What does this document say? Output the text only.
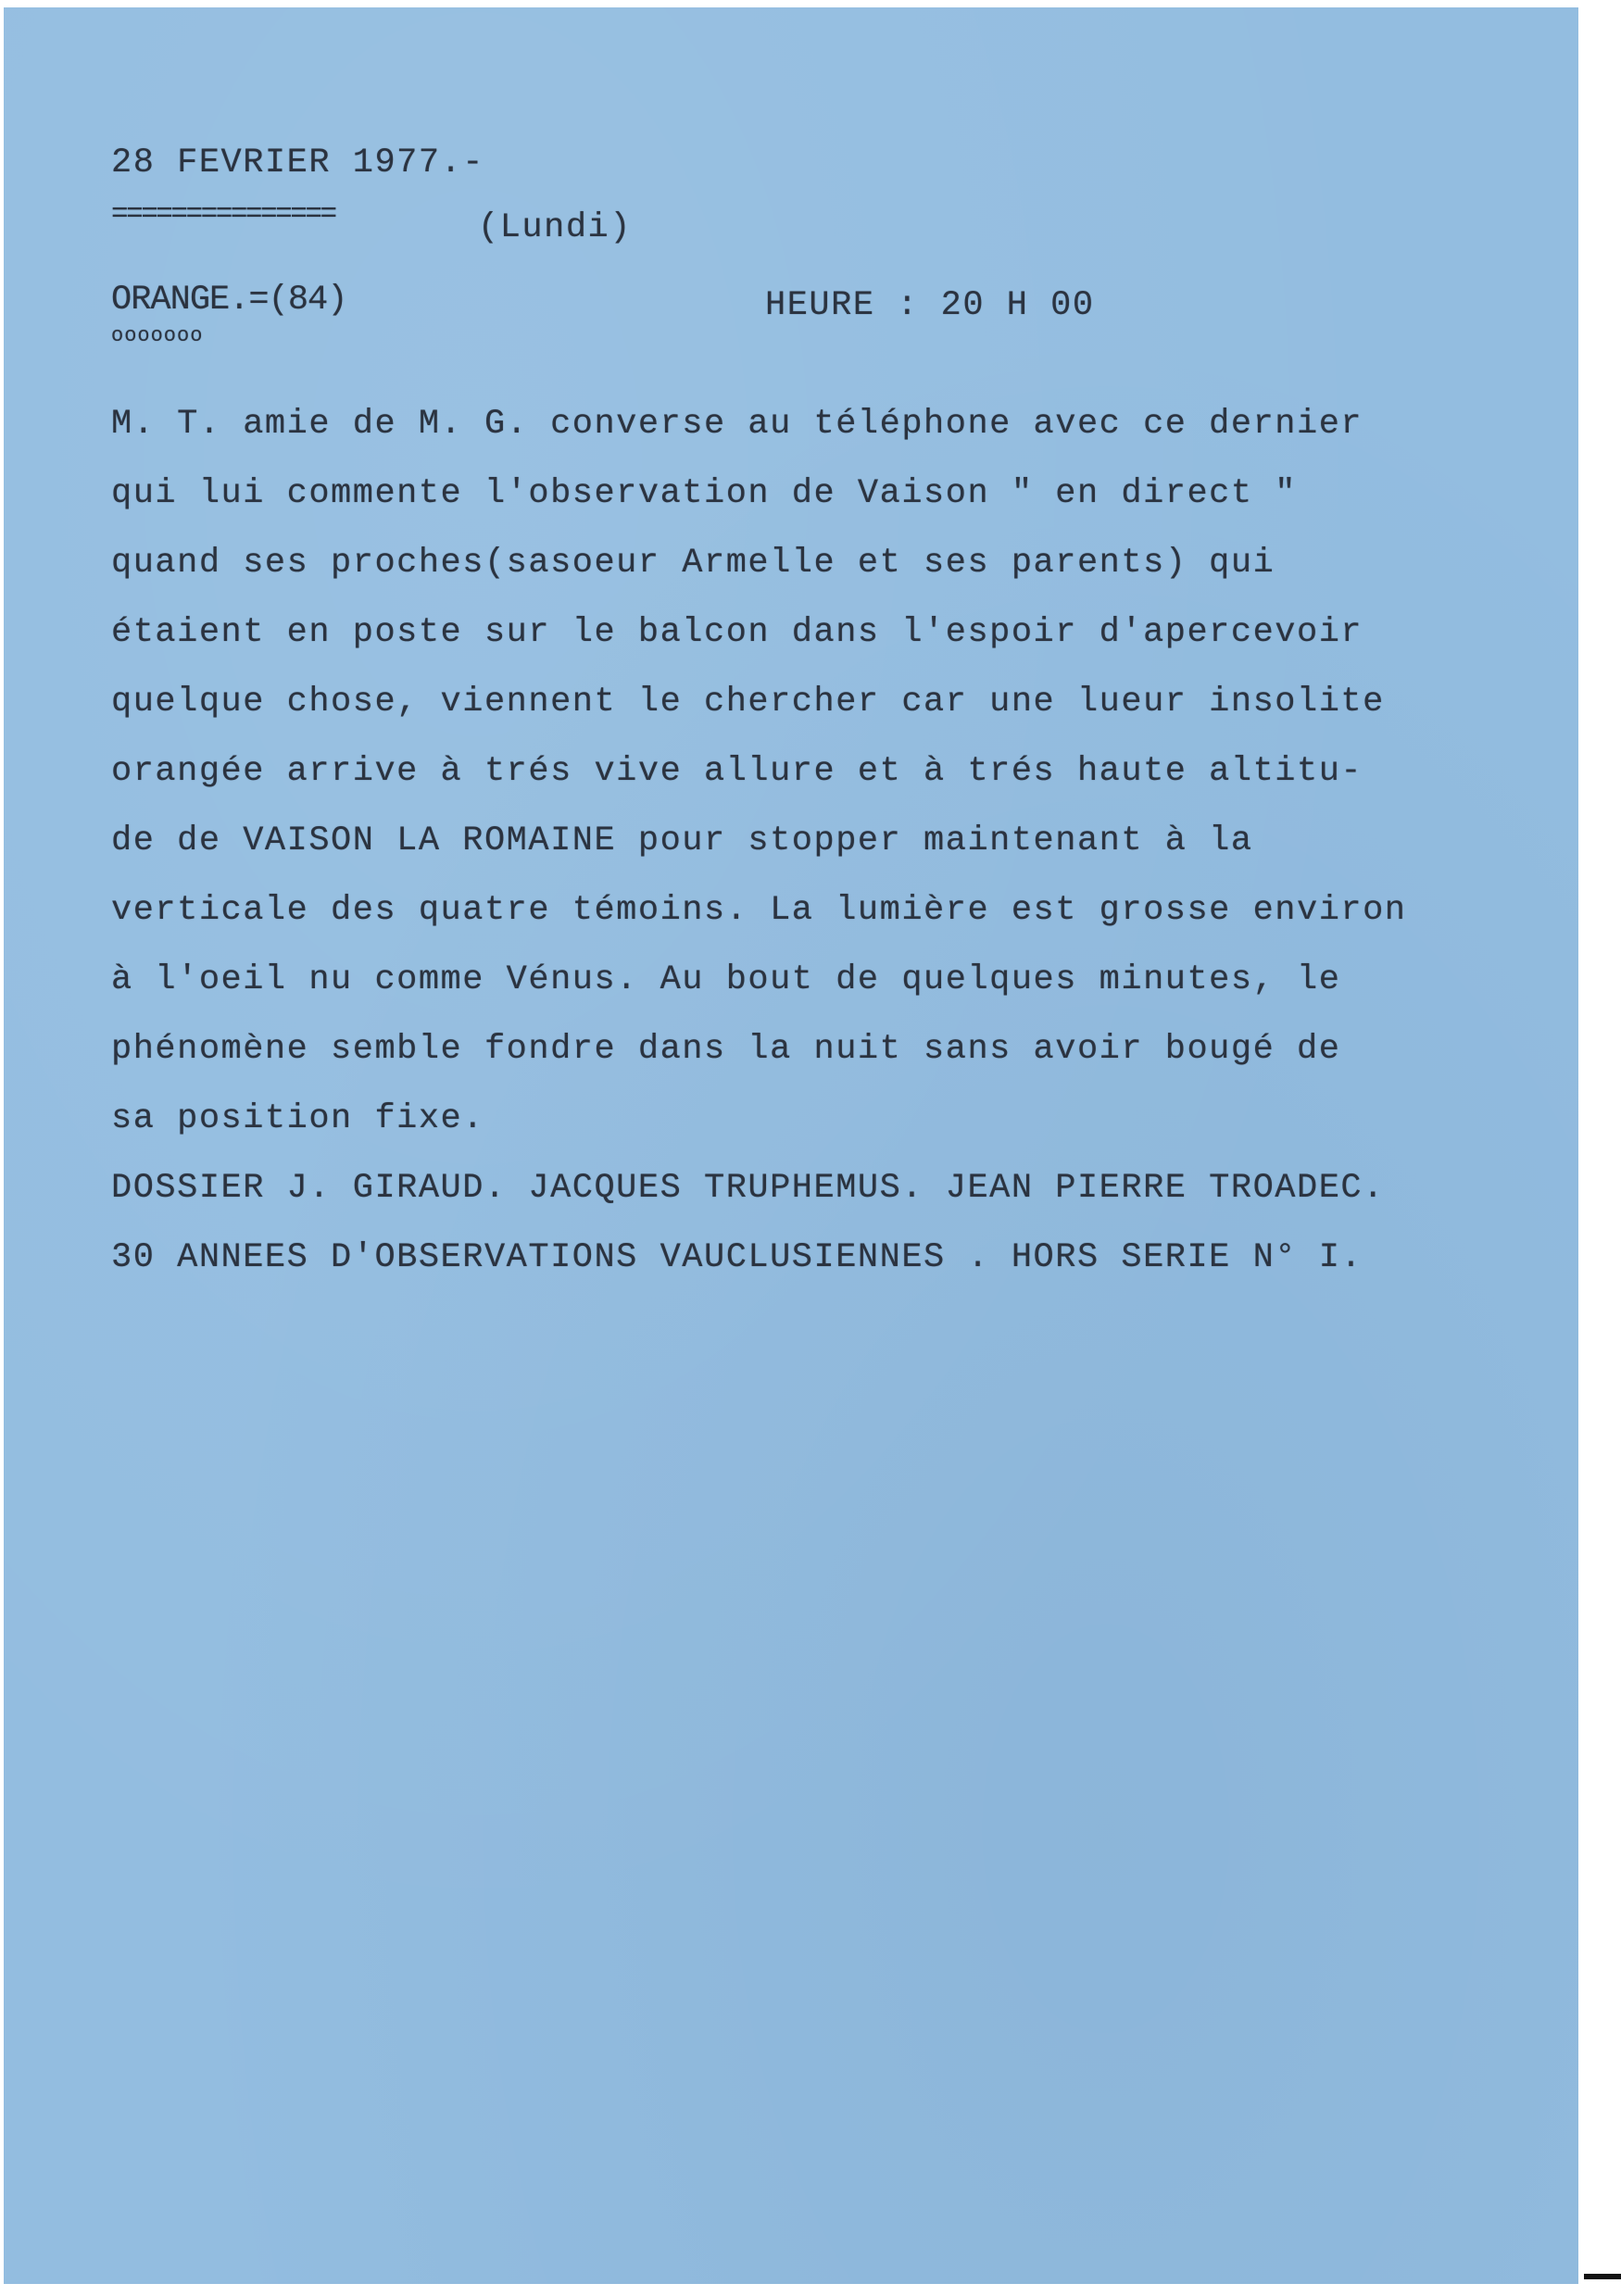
28 FEVRIER 1977.-
===============	(Lundi)
ORANGE.=(84)
ooooooo
HEURE : 20 H 00
M. T. amie de M. G. converse au téléphone avec ce dernier
qui lui commente l'observation de Vaison " en direct "
quand ses proches(sasoeur Armelle et ses parents) qui
étaient en poste sur le balcon dans l'espoir d'apercevoir
quelque chose, viennent le chercher car une lueur insolite
orangée arrive à trés vive allure et à trés haute altitu-
de de VAISON LA ROMAINE pour stopper maintenant à la
verticale des quatre témoins. La lumière est grosse environ
à l'oeil nu comme Vénus. Au bout de quelques minutes, le
phénomène semble fondre dans la nuit sans avoir bougé de
sa position fixe.
DOSSIER J. GIRAUD. JACQUES TRUPHEMUS. JEAN PIERRE TROADEC.
30 ANNEES D'OBSERVATIONS VAUCLUSIENNES . HORS SERIE N° I.
